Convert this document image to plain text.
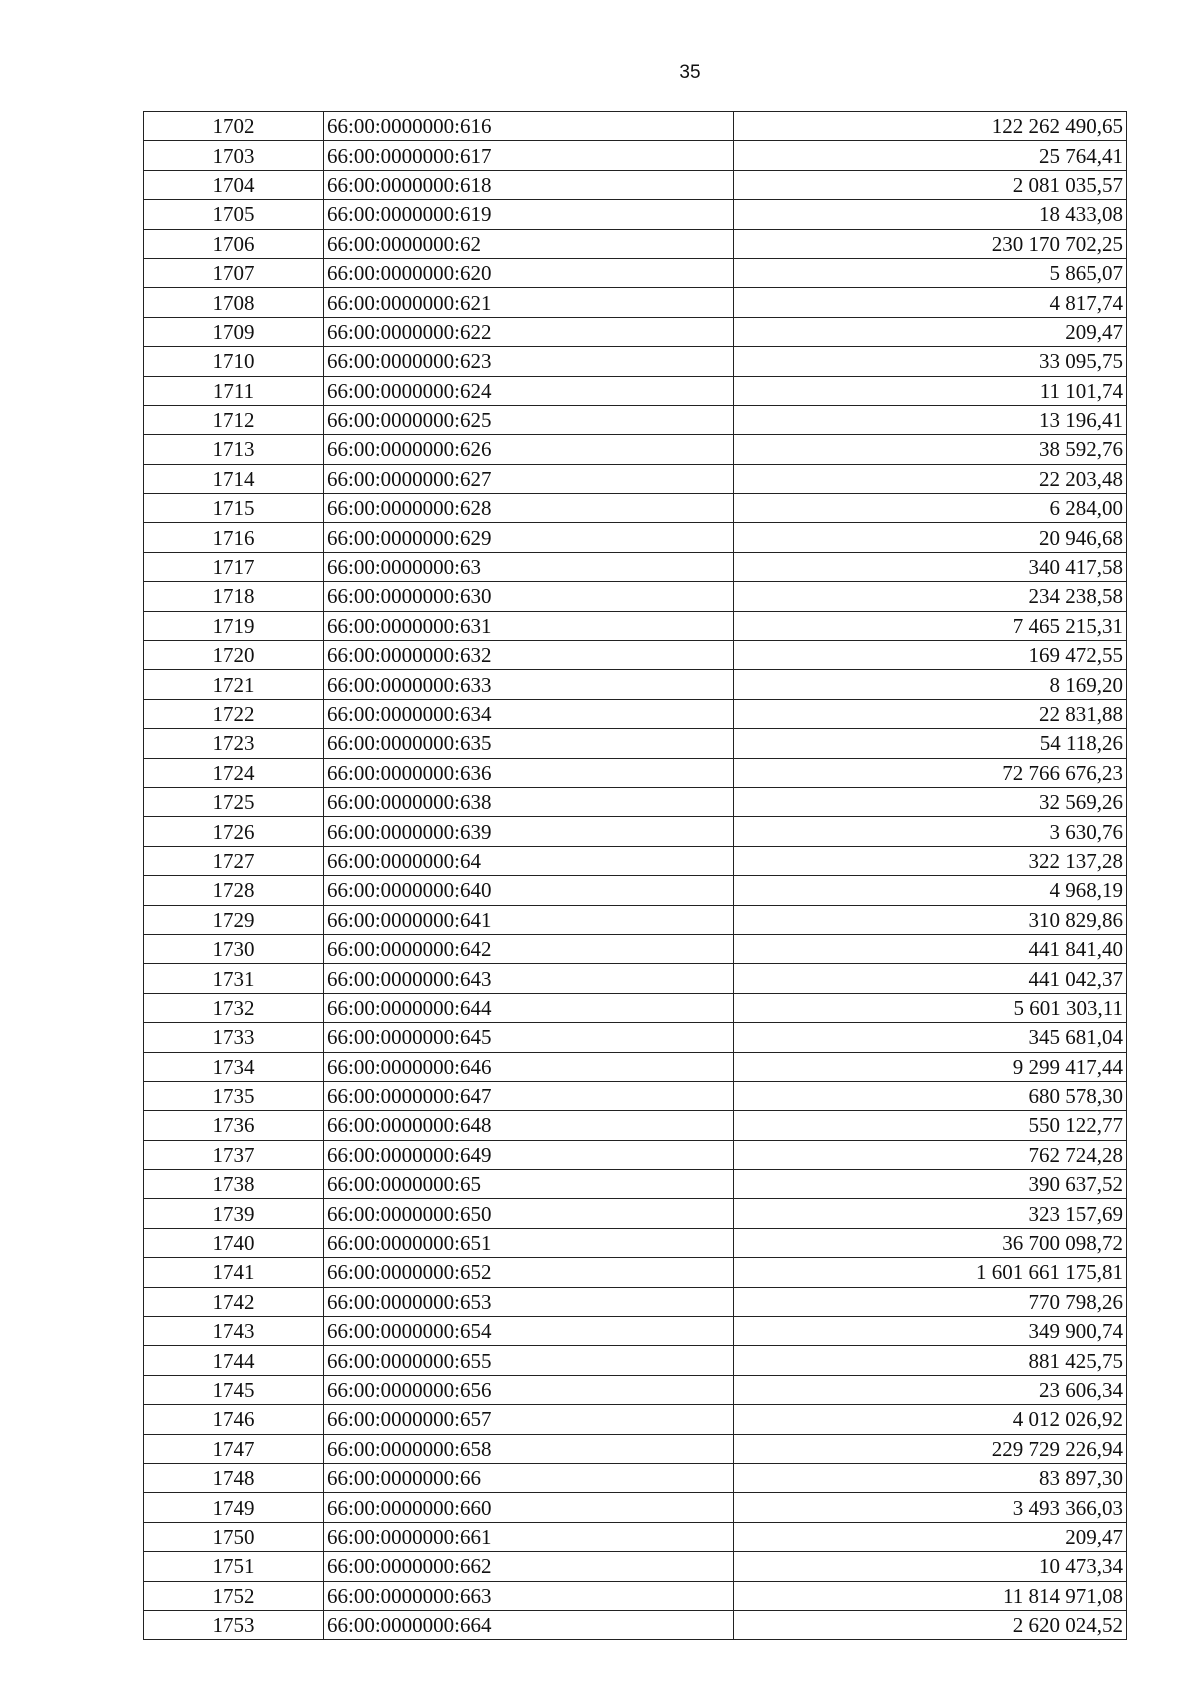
35
1702	66:00:0000000:616	122 262 490,65
1703	66:00:0000000:617	25 764,41
1704	66:00:0000000:618	2 081 035,57
1705	66:00:0000000:619	18 433,08
1706	66:00:0000000:62	230 170 702,25
1707	66:00:0000000:620	5 865,07
1708	66:00:0000000:621	4 817,74
1709	66:00:0000000:622	209,47
1710	66:00:0000000:623	33 095,75
1711	66:00:0000000:624	11 101,74
1712	66:00:0000000:625	13 196,41
1713	66:00:0000000:626	38 592,76
1714	66:00:0000000:627	22 203,48
1715	66:00:0000000:628	6 284,00
1716	66:00:0000000:629	20 946,68
1717	66:00:0000000:63	340 417,58
1718	66:00:0000000:630	234 238,58
1719	66:00:0000000:631	7 465 215,31
1720	66:00:0000000:632	169 472,55
1721	66:00:0000000:633	8 169,20
1722	66:00:0000000:634	22 831,88
1723	66:00:0000000:635	54 118,26
1724	66:00:0000000:636	72 766 676,23
1725	66:00:0000000:638	32 569,26
1726	66:00:0000000:639	3 630,76
1727	66:00:0000000:64	322 137,28
1728	66:00:0000000:640	4 968,19
1729	66:00:0000000:641	310 829,86
1730	66:00:0000000:642	441 841,40
1731	66:00:0000000:643	441 042,37
1732	66:00:0000000:644	5 601 303,11
1733	66:00:0000000:645	345 681,04
1734	66:00:0000000:646	9 299 417,44
1735	66:00:0000000:647	680 578,30
1736	66:00:0000000:648	550 122,77
1737	66:00:0000000:649	762 724,28
1738	66:00:0000000:65	390 637,52
1739	66:00:0000000:650	323 157,69
1740	66:00:0000000:651	36 700 098,72
1741	66:00:0000000:652	1 601 661 175,81
1742	66:00:0000000:653	770 798,26
1743	66:00:0000000:654	349 900,74
1744	66:00:0000000:655	881 425,75
1745	66:00:0000000:656	23 606,34
1746	66:00:0000000:657	4 012 026,92
1747	66:00:0000000:658	229 729 226,94
1748	66:00:0000000:66	83 897,30
1749	66:00:0000000:660	3 493 366,03
1750	66:00:0000000:661	209,47
1751	66:00:0000000:662	10 473,34
1752	66:00:0000000:663	11 814 971,08
1753	66:00:0000000:664	2 620 024,52
